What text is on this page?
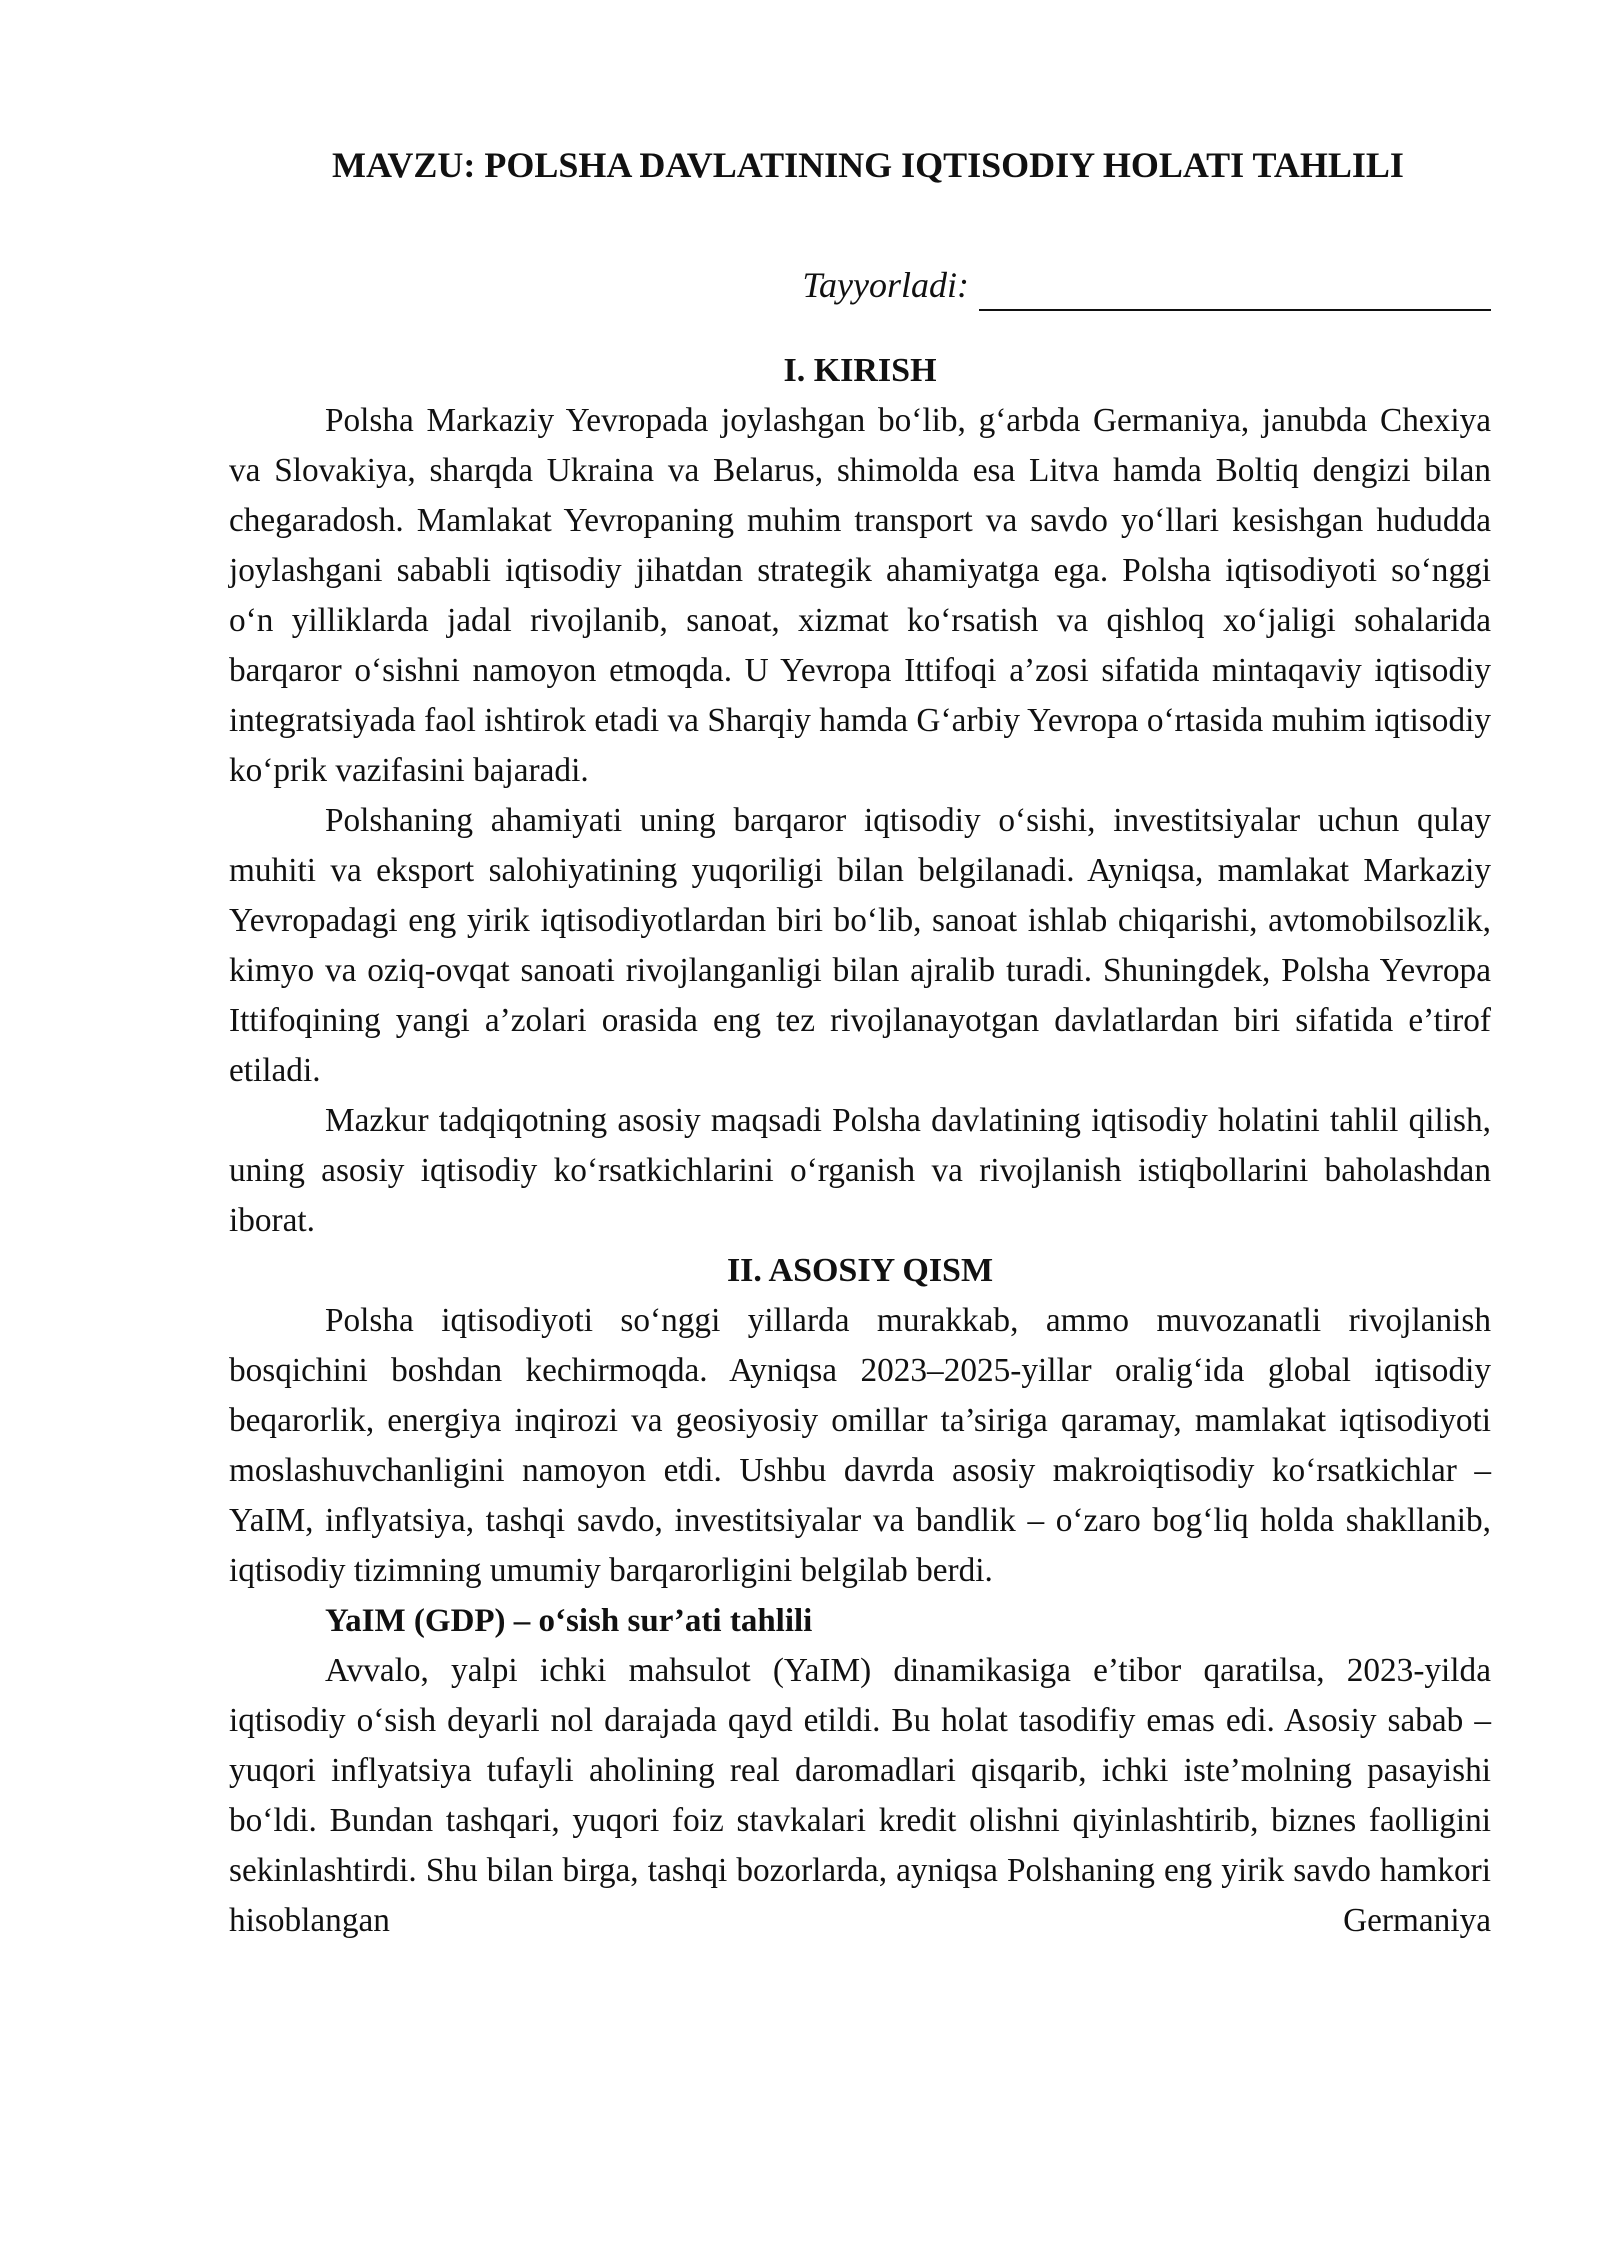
MAVZU: POLSHA DAVLATINING IQTISODIY HOLATI TAHLILI
Tayyorladi:
I. KIRISH

Polsha Markaziy Yevropada joylashgan bo‘lib, g‘arbda Germaniya, janubda Chexiya va Slovakiya, sharqda Ukraina va Belarus, shimolda esa Litva hamda Boltiq dengizi bilan chegaradosh. Mamlakat Yevropaning muhim transport va savdo yo‘llari kesishgan hududda joylashgani sababli iqtisodiy jihatdan strategik ahamiyatga ega. Polsha iqtisodiyoti so‘nggi o‘n yilliklarda jadal rivojlanib, sanoat, xizmat ko‘rsatish va qishloq xo‘jaligi sohalarida barqaror o‘sishni namoyon etmoqda. U Yevropa Ittifoqi a’zosi sifatida mintaqaviy iqtisodiy integratsiyada faol ishtirok etadi va Sharqiy hamda G‘arbiy Yevropa o‘rtasida muhim iqtisodiy ko‘prik vazifasini bajaradi.

Polshaning ahamiyati uning barqaror iqtisodiy o‘sishi, investitsiyalar uchun qulay muhiti va eksport salohiyatining yuqoriligi bilan belgilanadi. Ayniqsa, mamlakat Markaziy Yevropadagi eng yirik iqtisodiyotlardan biri bo‘lib, sanoat ishlab chiqarishi, avtomobilsozlik, kimyo va oziq-ovqat sanoati rivojlanganligi bilan ajralib turadi. Shuningdek, Polsha Yevropa Ittifoqining yangi a’zolari orasida eng tez rivojlanayotgan davlatlardan biri sifatida e’tirof etiladi.

Mazkur tadqiqotning asosiy maqsadi Polsha davlatining iqtisodiy holatini tahlil qilish, uning asosiy iqtisodiy ko‘rsatkichlarini o‘rganish va rivojlanish istiqbollarini baholashdan iborat.

II. ASOSIY QISM

Polsha iqtisodiyoti so‘nggi yillarda murakkab, ammo muvozanatli rivojlanish bosqichini boshdan kechirmoqda. Ayniqsa 2023–2025-yillar oralig‘ida global iqtisodiy beqarorlik, energiya inqirozi va geosiyosiy omillar ta’siriga qaramay, mamlakat iqtisodiyoti moslashuvchanligini namoyon etdi. Ushbu davrda asosiy makroiqtisodiy ko‘rsatkichlar – YaIM, inflyatsiya, tashqi savdo, investitsiyalar va bandlik – o‘zaro bog‘liq holda shakllanib, iqtisodiy tizimning umumiy barqarorligini belgilab berdi.

YaIM (GDP) – o‘sish sur’ati tahlili

Avvalo, yalpi ichki mahsulot (YaIM) dinamikasiga e’tibor qaratilsa, 2023-yilda iqtisodiy o‘sish deyarli nol darajada qayd etildi. Bu holat tasodifiy emas edi. Asosiy sabab – yuqori inflyatsiya tufayli aholining real daromadlari qisqarib, ichki iste’molning pasayishi bo‘ldi. Bundan tashqari, yuqori foiz stavkalari kredit olishni qiyinlashtirib, biznes faolligini sekinlashtirdi. Shu bilan birga, tashqi bozorlarda, ayniqsa Polshaning eng yirik savdo hamkori hisoblangan Germaniya
